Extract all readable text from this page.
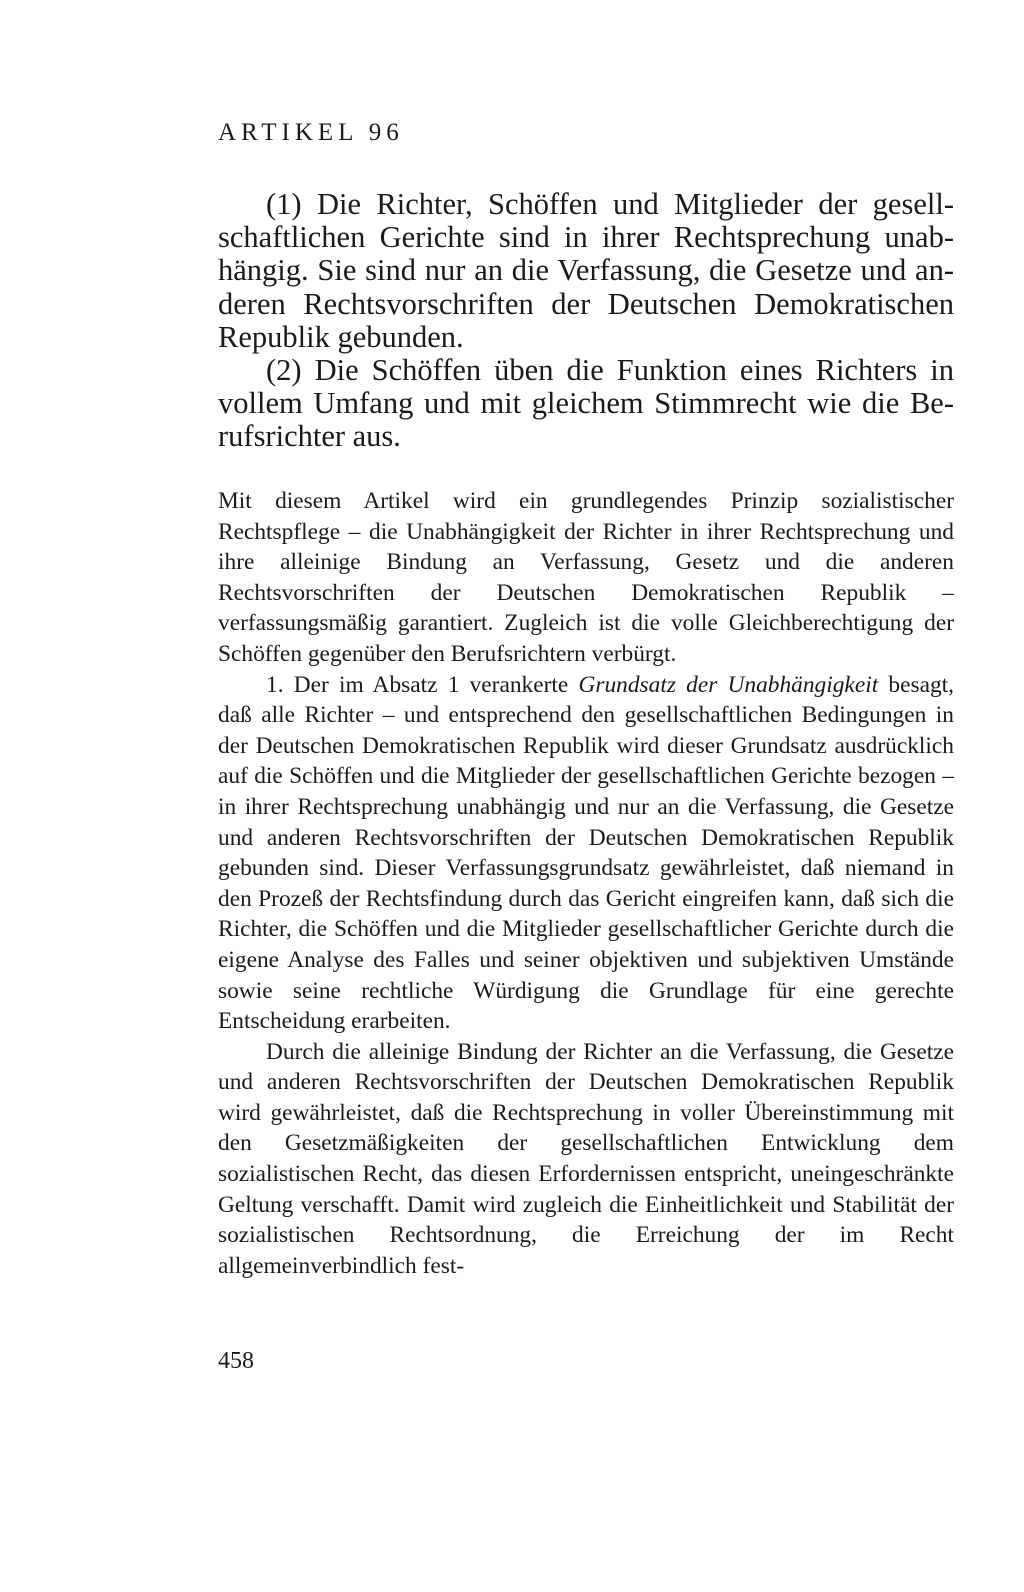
ARTIKEL 96

(1) Die Richter, Schöffen und Mitglieder der gesellschaftlichen Gerichte sind in ihrer Rechtsprechung unabhängig. Sie sind nur an die Verfassung, die Gesetze und anderen Rechtsvorschriften der Deutschen Demokratischen Republik gebunden.

(2) Die Schöffen üben die Funktion eines Richters in vollem Umfang und mit gleichem Stimmrecht wie die Berufsrichter aus.

Mit diesem Artikel wird ein grundlegendes Prinzip sozialistischer Rechtspflege – die Unabhängigkeit der Richter in ihrer Rechtsprechung und ihre alleinige Bindung an Verfassung, Gesetz und die anderen Rechtsvorschriften der Deutschen Demokratischen Republik – verfassungsmäßig garantiert. Zugleich ist die volle Gleichberechtigung der Schöffen gegenüber den Berufsrichtern verbürgt.

1. Der im Absatz 1 verankerte Grundsatz der Unabhängigkeit besagt, daß alle Richter – und entsprechend den gesellschaftlichen Bedingungen in der Deutschen Demokratischen Republik wird dieser Grundsatz ausdrücklich auf die Schöffen und die Mitglieder der gesellschaftlichen Gerichte bezogen – in ihrer Rechtsprechung unabhängig und nur an die Verfassung, die Gesetze und anderen Rechtsvorschriften der Deutschen Demokratischen Republik gebunden sind. Dieser Verfassungsgrundsatz gewährleistet, daß niemand in den Prozeß der Rechtsfindung durch das Gericht eingreifen kann, daß sich die Richter, die Schöffen und die Mitglieder gesellschaftlicher Gerichte durch die eigene Analyse des Falles und seiner objektiven und subjektiven Umstände sowie seine rechtliche Würdigung die Grundlage für eine gerechte Entscheidung erarbeiten.

Durch die alleinige Bindung der Richter an die Verfassung, die Gesetze und anderen Rechtsvorschriften der Deutschen Demokratischen Republik wird gewährleistet, daß die Rechtsprechung in voller Übereinstimmung mit den Gesetzmäßigkeiten der gesellschaftlichen Entwicklung dem sozialistischen Recht, das diesen Erfordernissen entspricht, uneingeschränkte Geltung verschafft. Damit wird zugleich die Einheitlichkeit und Stabilität der sozialistischen Rechtsordnung, die Erreichung der im Recht allgemeinverbindlich fest-

458
